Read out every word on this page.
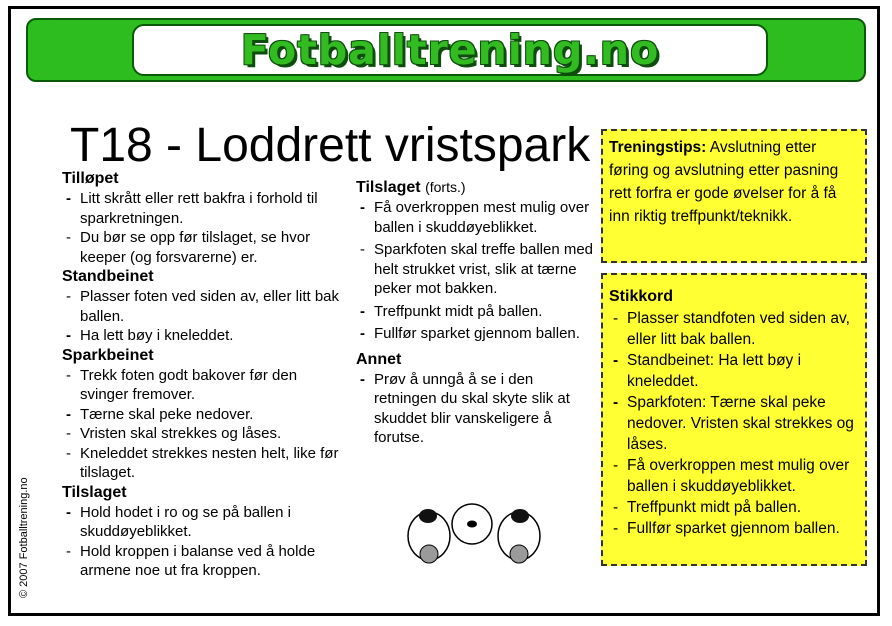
Fotballtrening.no
T18 - Loddrett vristspark
Tilløpet
- Litt skrått eller rett bakfra i forhold til sparkretningen.
- Du bør se opp før tilslaget, se hvor keeper (og forsvarerne) er.
Standbeinet
- Plasser foten ved siden av, eller litt bak ballen.
- Ha lett bøy i kneleddet.
Sparkbeinet
- Trekk foten godt bakover før den svinger fremover.
- Tærne skal peke nedover.
- Vristen skal strekkes og låses.
- Kneleddet strekkes nesten helt, like før tilslaget.
Tilslaget
- Hold hodet i ro og se på ballen i skuddøyeblikket.
- Hold kroppen i balanse ved å holde armene noe ut fra kroppen.
Tilslaget (forts.)
- Få overkroppen mest mulig over ballen i skuddøyeblikket.
- Sparkfoten skal treffe ballen med helt strukket vrist, slik at tærne peker mot bakken.
- Treffpunkt midt på ballen.
- Fullfør sparket gjennom ballen.
Annet
- Prøv å unngå å se i den retningen du skal skyte slik at skuddet blir vanskeligere å forutse.
© 2007 Fotballtrening.no
Treningstips: Avslutning etter føring og avslutning etter pasning rett forfra er gode øvelser for å få inn riktig treffpunkt/teknikk.
Stikkord
- Plasser standfoten ved siden av, eller litt bak ballen.
- Standbeinet: Ha lett bøy i kneleddet.
- Sparkfoten: Tærne skal peke nedover. Vristen skal strekkes og låses.
- Få overkroppen mest mulig over ballen i skuddøyeblikket.
- Treffpunkt midt på ballen.
- Fullfør sparket gjennom ballen.
